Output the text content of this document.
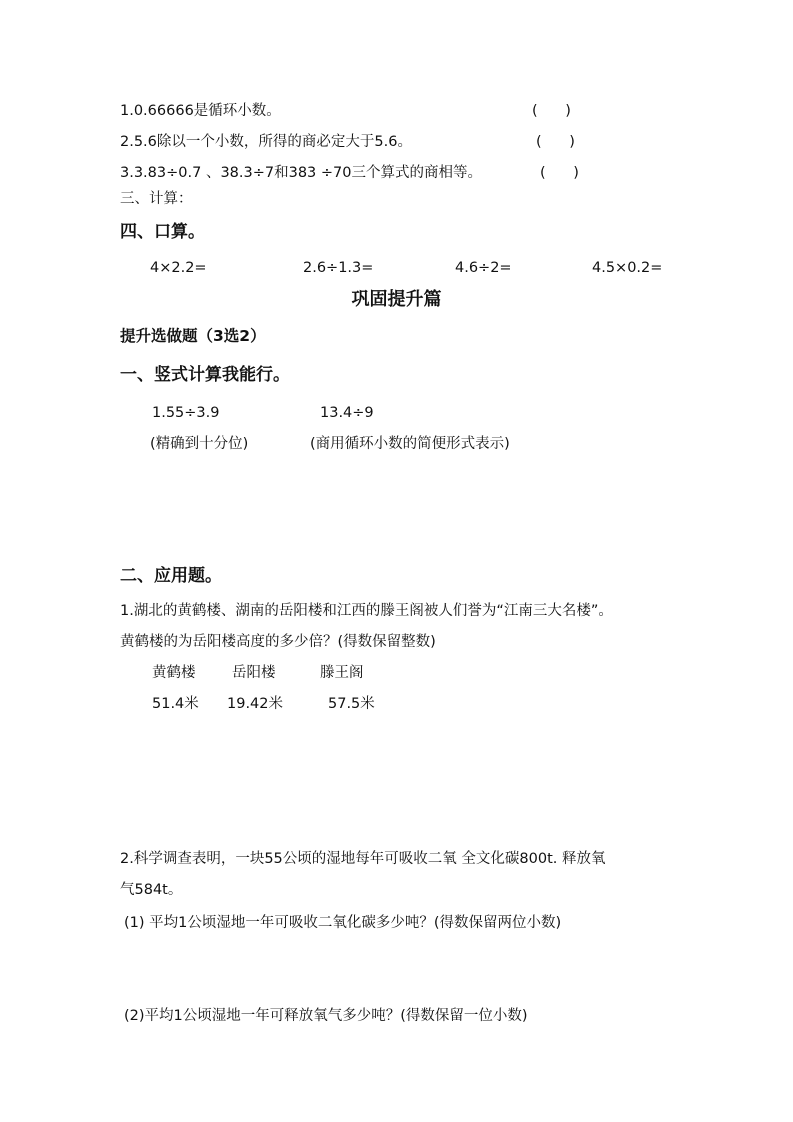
1.0.66666是循环小数。	(      )
2.5.6除以一个小数，所得的商必定大于5.6。	(      )
3.3.83÷0.7 、38.3÷7和383 ÷70三个算式的商相等。	(      )
三、计算：
四、口算。
4×2.2=	2.6÷1.3=	4.6÷2=	4.5×0.2=
巩固提升篇
提升选做题（3选2）
一、竖式计算我能行。
1.55÷3.9	13.4÷9
(精确到十分位)	(商用循环小数的简便形式表示)
二、应用题。
1.湖北的黄鹤楼、湖南的岳阳楼和江西的滕王阁被人们誉为“江南三大名楼”。
黄鹤楼的为岳阳楼高度的多少倍？(得数保留整数)
黄鹤楼	岳阳楼	滕王阁
51.4米 19.42米	57.5米
2.科学调查表明，一块55公顷的湿地每年可吸收二氧 全文化碳800t. 释放氧
气584t。
(1) 平均1公顷湿地一年可吸收二氧化碳多少吨？(得数保留两位小数)
(2)平均1公顷湿地一年可释放氧气多少吨？(得数保留一位小数)
